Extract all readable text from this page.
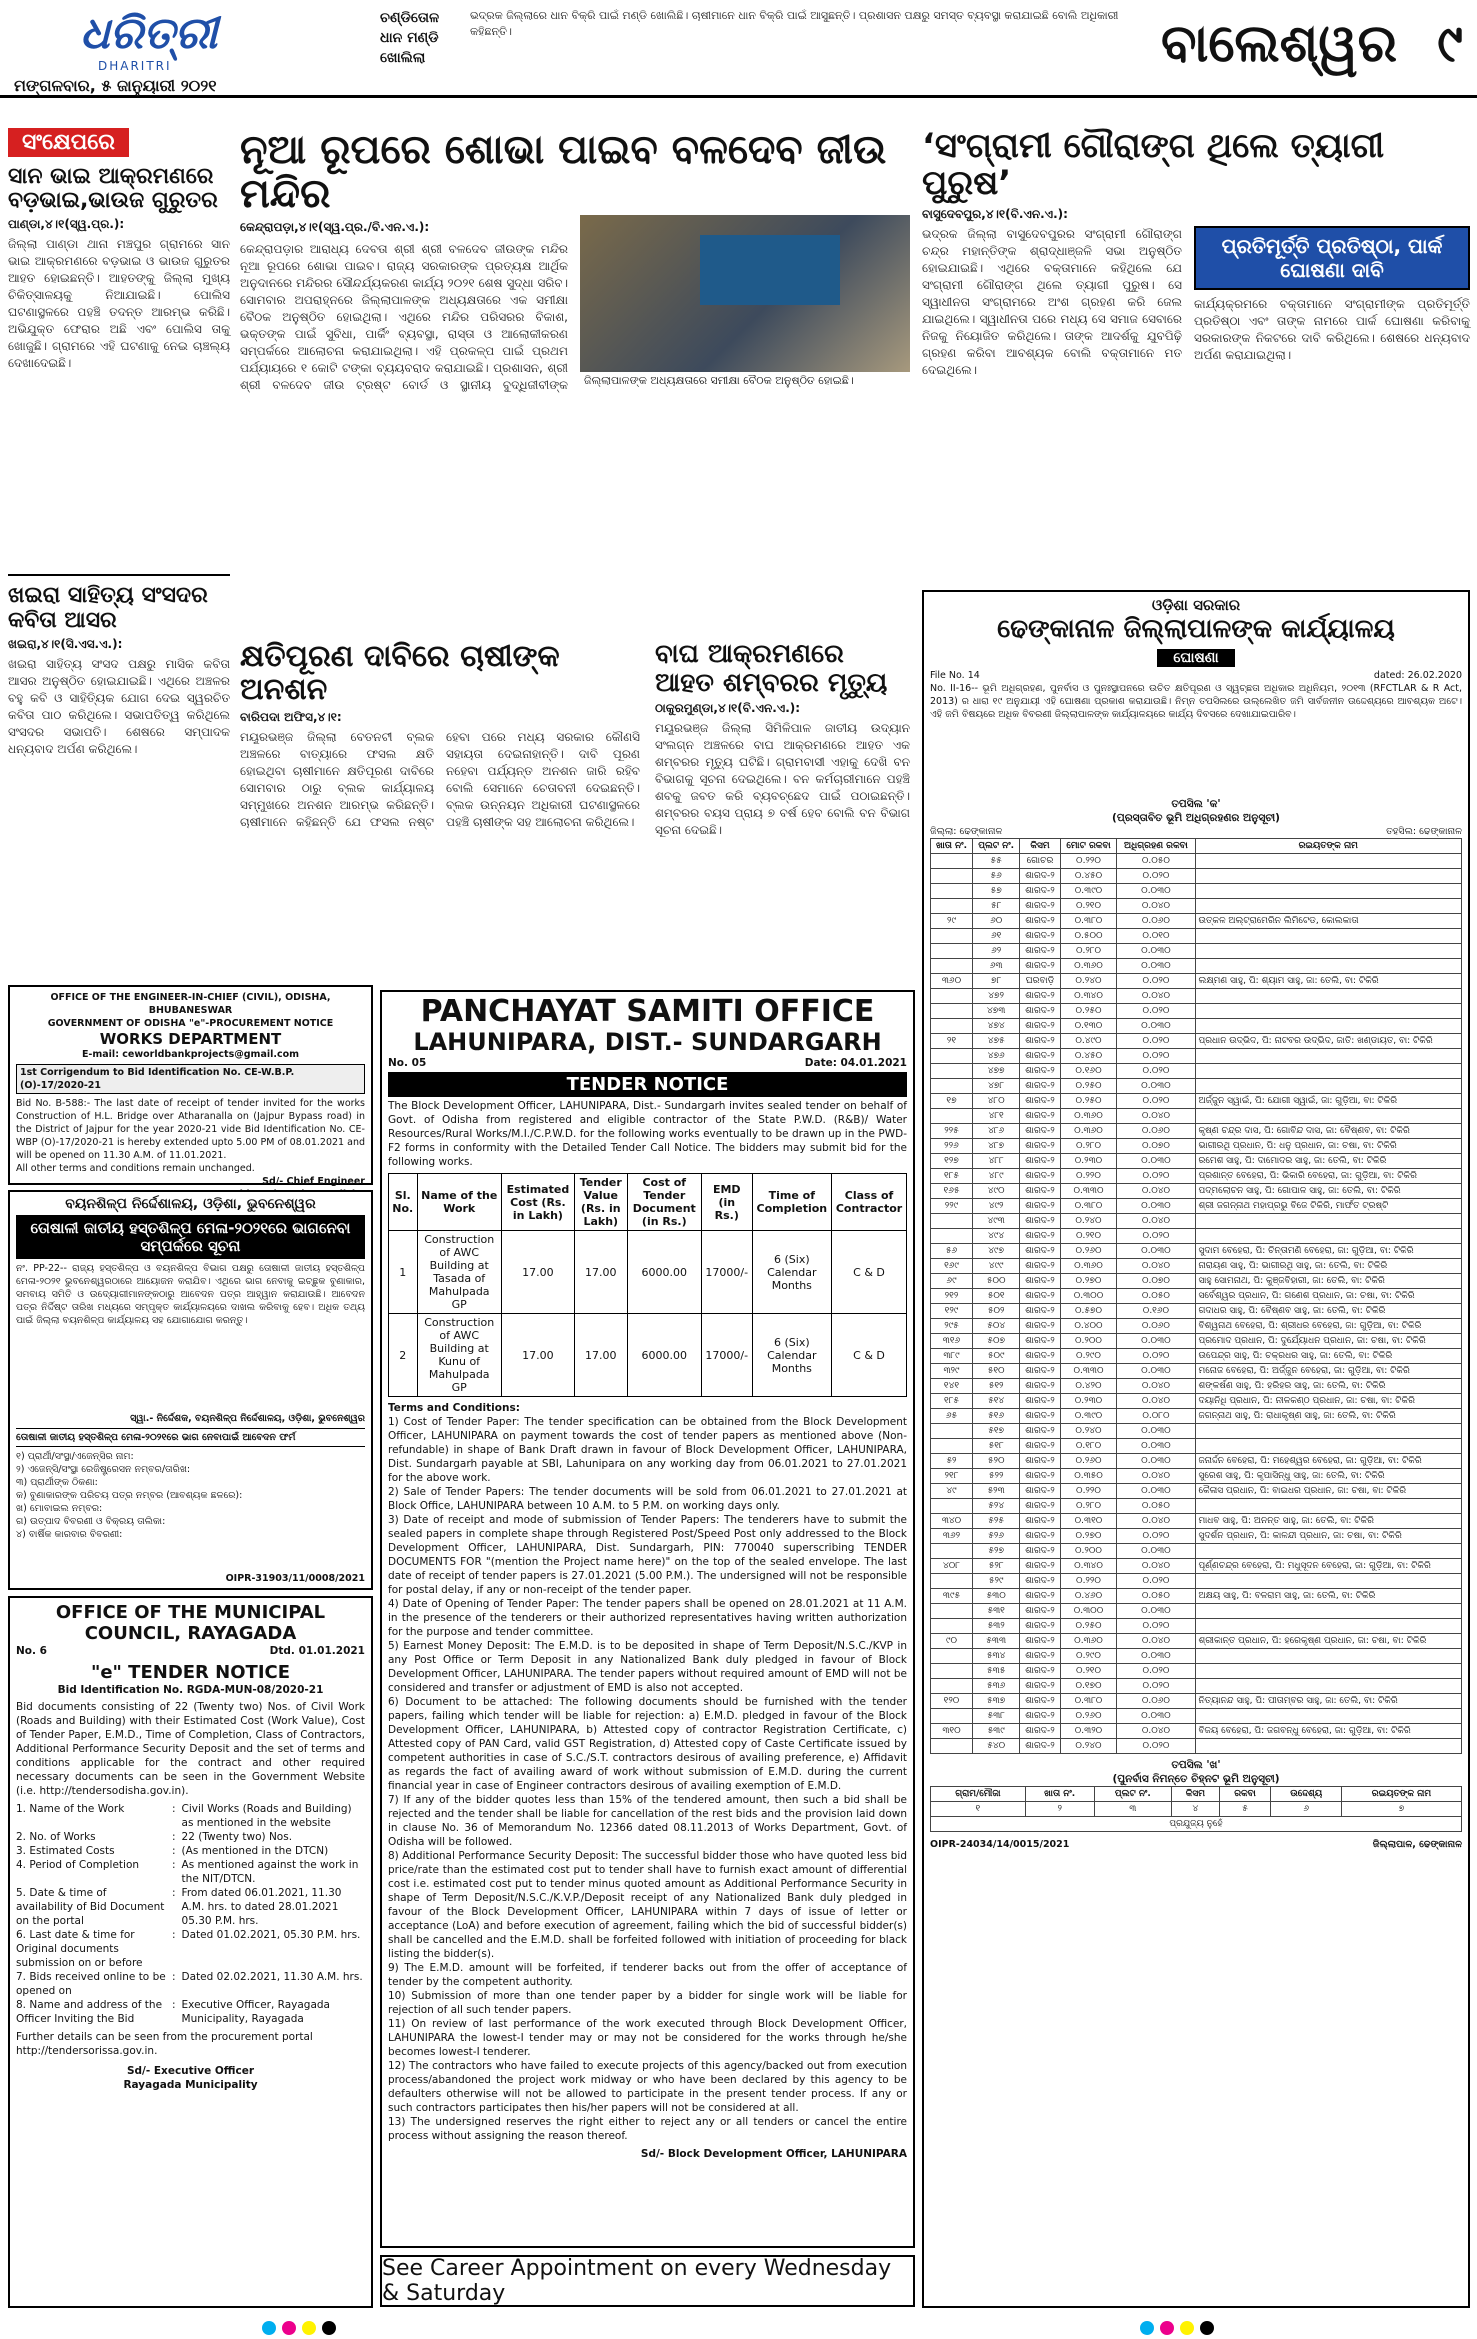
ଧରିତ୍ରୀ
DHARITRI
ମଙ୍ଗଳବାର, ୫ ଜାନୁୟାରୀ ୨୦୨୧
ଚଣ୍ଡିତୋଳ ଧାନ ମଣ୍ଡି ଖୋଲିଲା
ଭଦ୍ରକ ଜିଲ୍ଲାରେ ଧାନ ବିକ୍ରି ପାଇଁ ମଣ୍ଡି ଖୋଲିଛି। ଚାଷୀମାନେ ଧାନ ବିକ୍ରି ପାଇଁ ଆସୁଛନ୍ତି। ପ୍ରଶାସନ ପକ୍ଷରୁ ସମସ୍ତ ବ୍ୟବସ୍ଥା କରାଯାଇଛି ବୋଲି ଅଧିକାରୀ କହିଛନ୍ତି।	ବାଲେଶ୍ୱର ୯
ସଂକ୍ଷେପରେ
ସାନ ଭାଇ ଆକ୍ରମଣରେ ବଡ଼ଭାଇ,ଭାଉଜ ଗୁରୁତର
ପାଣ୍ଡା,୪।୧(ସ୍ୱ.ପ୍ର.):
ଜିଲ୍ଲା ପାଣ୍ଡା ଥାନା ମଞ୍ଚପୁର ଗ୍ରାମରେ ସାନ ଭାଇ ଆକ୍ରମଣରେ ବଡ଼ଭାଇ ଓ ଭାଉଜ ଗୁରୁତର ଆହତ ହୋଇଛନ୍ତି। ଆହତଙ୍କୁ ଜିଲ୍ଲା ମୁଖ୍ୟ ଚିକିତ୍ସାଳୟକୁ ନିଆଯାଇଛି। ପୋଲିସ ଘଟଣାସ୍ଥଳରେ ପହଞ୍ଚି ତଦନ୍ତ ଆରମ୍ଭ କରିଛି। ଅଭିଯୁକ୍ତ ଫେରାର ଅଛି ଏବଂ ପୋଲିସ ତାକୁ ଖୋଜୁଛି। ଗ୍ରାମରେ ଏହି ଘଟଣାକୁ ନେଇ ଚାଞ୍ଚଲ୍ୟ ଦେଖାଦେଇଛି।
ଖଇରା ସାହିତ୍ୟ ସଂସଦର କବିତା ଆସର
ଖଇରା,୪।୧(ସି.ଏସ.ଏ.):
ଖଇରା ସାହିତ୍ୟ ସଂସଦ ପକ୍ଷରୁ ମାସିକ କବିତା ଆସର ଅନୁଷ୍ଠିତ ହୋଇଯାଇଛି। ଏଥିରେ ଅଞ୍ଚଳର ବହୁ କବି ଓ ସାହିତ୍ୟିକ ଯୋଗ ଦେଇ ସ୍ୱରଚିତ କବିତା ପାଠ କରିଥିଲେ। ସଭାପତିତ୍ୱ କରିଥିଲେ ସଂସଦର ସଭାପତି। ଶେଷରେ ସମ୍ପାଦକ ଧନ୍ୟବାଦ ଅର୍ପଣ କରିଥିଲେ।
ନୂଆ ରୂପରେ ଶୋଭା ପାଇବ ବଳଦେବ ଜୀଉ ମନ୍ଦିର
କେନ୍ଦ୍ରାପଡ଼ା,୪।୧(ସ୍ୱ.ପ୍ର./ବି.ଏନ.ଏ.):
କେନ୍ଦ୍ରାପଡ଼ାର ଆରାଧ୍ୟ ଦେବତା ଶ୍ରୀ ଶ୍ରୀ ବଳଦେବ ଜୀଉଙ୍କ ମନ୍ଦିର ନୂଆ ରୂପରେ ଶୋଭା ପାଇବ। ରାଜ୍ୟ ସରକାରଙ୍କ ପ୍ରତ୍ୟକ୍ଷ ଆର୍ଥିକ ଅନୁଦାନରେ ମନ୍ଦିରର ସୌନ୍ଦର୍ଯ୍ୟକରଣ କାର୍ଯ୍ୟ ୨୦୨୧ ଶେଷ ସୁଦ୍ଧା ସରିବ। ସୋମବାର ଅପରାହ୍ନରେ ଜିଲ୍ଲାପାଳଙ୍କ ଅଧ୍ୟକ୍ଷତାରେ ଏକ ସମୀକ୍ଷା ବୈଠକ ଅନୁଷ୍ଠିତ ହୋଇଥିଲା। ଏଥିରେ ମନ୍ଦିର ପରିସରର ବିକାଶ, ଭକ୍ତଙ୍କ ପାଇଁ ସୁବିଧା, ପାର୍କିଂ ବ୍ୟବସ୍ଥା, ରାସ୍ତା ଓ ଆଲୋକୀକରଣ ସମ୍ପର୍କରେ ଆଲୋଚନା କରାଯାଇଥିଲା। ଏହି ପ୍ରକଳ୍ପ ପାଇଁ ପ୍ରଥମ ପର୍ଯ୍ୟାୟରେ ୧ କୋଟି ଟଙ୍କା ବ୍ୟୟବରାଦ କରାଯାଇଛି। ପ୍ରଶାସନ, ଶ୍ରୀ ଶ୍ରୀ ବଳଦେବ ଜୀଉ ଟ୍ରଷ୍ଟ ବୋର୍ଡ ଓ ସ୍ଥାନୀୟ ବୁଦ୍ଧିଜୀବୀଙ୍କ	ଜିଲ୍ଲାପାଳଙ୍କ ଅଧ୍ୟକ୍ଷତାରେ ସମୀକ୍ଷା ବୈଠକ ଅନୁଷ୍ଠିତ ହୋଇଛି।
କ୍ଷତିପୂରଣ ଦାବିରେ ଚାଷୀଙ୍କ ଅନଶନ
ବାରିପଦା ଅଫିସ,୪।୧:
ମୟୂରଭଞ୍ଜ ଜିଲ୍ଲା ବେତନଟୀ ବ୍ଲକ ଅଞ୍ଚଳରେ ବାତ୍ୟାରେ ଫସଲ କ୍ଷତି ହୋଇଥିବା ଚାଷୀମାନେ କ୍ଷତିପୂରଣ ଦାବିରେ ସୋମବାର ଠାରୁ ବ୍ଲକ କାର୍ଯ୍ୟାଳୟ ସମ୍ମୁଖରେ ଅନଶନ ଆରମ୍ଭ କରିଛନ୍ତି। ଚାଷୀମାନେ କହିଛନ୍ତି ଯେ ଫସଲ ନଷ୍ଟ ହେବା ପରେ ମଧ୍ୟ ସରକାର କୌଣସି ସହାୟତା ଦେଇନାହାନ୍ତି। ଦାବି ପୂରଣ ନହେବା ପର୍ଯ୍ୟନ୍ତ ଅନଶନ ଜାରି ରହିବ ବୋଲି ସେମାନେ ଚେତାବନୀ ଦେଇଛନ୍ତି। ବ୍ଲକ ଉନ୍ନୟନ ଅଧିକାରୀ ଘଟଣାସ୍ଥଳରେ ପହଞ୍ଚି ଚାଷୀଙ୍କ ସହ ଆଲୋଚନା କରିଥିଲେ।
ବାଘ ଆକ୍ରମଣରେ ଆହତ ଶମ୍ବରର ମୃତ୍ୟୁ
ଠାକୁରମୁଣ୍ଡା,୪।୧(ବି.ଏନ.ଏ.):
ମୟୂରଭଞ୍ଜ ଜିଲ୍ଲା ସିମିଳିପାଳ ଜାତୀୟ ଉଦ୍ୟାନ ସଂଲଗ୍ନ ଅଞ୍ଚଳରେ ବାଘ ଆକ୍ରମଣରେ ଆହତ ଏକ ଶମ୍ବରର ମୃତ୍ୟୁ ଘଟିଛି। ଗ୍ରାମବାସୀ ଏହାକୁ ଦେଖି ବନ ବିଭାଗକୁ ସୂଚନା ଦେଇଥିଲେ। ବନ କର୍ମଚାରୀମାନେ ପହଞ୍ଚି ଶବକୁ ଜବତ କରି ବ୍ୟବଚ୍ଛେଦ ପାଇଁ ପଠାଇଛନ୍ତି। ଶମ୍ବରର ବୟସ ପ୍ରାୟ ୭ ବର୍ଷ ହେବ ବୋଲି ବନ ବିଭାଗ ସୂଚନା ଦେଇଛି।
‘ସଂଗ୍ରାମୀ ଗୌରାଙ୍ଗ ଥିଲେ ତ୍ୟାଗୀ ପୁରୁଷ’
ବାସୁଦେବପୁର,୪।୧(ବି.ଏନ.ଏ.):
ଭଦ୍ରକ ଜିଲ୍ଲା ବାସୁଦେବପୁରର ସଂଗ୍ରାମୀ ଗୌରାଙ୍ଗ ଚନ୍ଦ୍ର ମହାନ୍ତିଙ୍କ ଶ୍ରାଦ୍ଧାଞ୍ଜଳି ସଭା ଅନୁଷ୍ଠିତ ହୋଇଯାଇଛି। ଏଥିରେ ବକ୍ତାମାନେ କହିଥିଲେ ଯେ ସଂଗ୍ରାମୀ ଗୌରାଙ୍ଗ ଥିଲେ ତ୍ୟାଗୀ ପୁରୁଷ। ସେ ସ୍ୱାଧୀନତା ସଂଗ୍ରାମରେ ଅଂଶ ଗ୍ରହଣ କରି ଜେଲ ଯାଇଥିଲେ। ସ୍ୱାଧୀନତା ପରେ ମଧ୍ୟ ସେ ସମାଜ ସେବାରେ ନିଜକୁ ନିୟୋଜିତ କରିଥିଲେ। ତାଙ୍କ ଆଦର୍ଶକୁ ଯୁବପିଢ଼ି ଗ୍ରହଣ କରିବା ଆବଶ୍ୟକ ବୋଲି ବକ୍ତାମାନେ ମତ ଦେଇଥିଲେ।
ପ୍ରତିମୂର୍ତ୍ତି ପ୍ରତିଷ୍ଠା, ପାର୍କ ଘୋଷଣା ଦାବି
କାର୍ଯ୍ୟକ୍ରମରେ ବକ୍ତାମାନେ ସଂଗ୍ରାମୀଙ୍କ ପ୍ରତିମୂର୍ତ୍ତି ପ୍ରତିଷ୍ଠା ଏବଂ ତାଙ୍କ ନାମରେ ପାର୍କ ଘୋଷଣା କରିବାକୁ ସରକାରଙ୍କ ନିକଟରେ ଦାବି କରିଥିଲେ। ଶେଷରେ ଧନ୍ୟବାଦ ଅର୍ପଣ କରାଯାଇଥିଲା।
OFFICE OF THE ENGINEER-IN-CHIEF (CIVIL), ODISHA, BHUBANESWAR
GOVERNMENT OF ODISHA "e"-PROCUREMENT NOTICE
WORKS DEPARTMENT
E-mail: ceworldbankprojects@gmail.com
1st Corrigendum to Bid Identification No. CE-W.B.P. (O)-17/2020-21
Bid No. B-588:- The last date of receipt of tender invited for the works Construction of H.L. Bridge over Atharanalla on (Jajpur Bypass road) in the District of Jajpur for the year 2020-21 vide Bid Identification No. CE-WBP (O)-17/2020-21 is hereby extended upto 5.00 PM of 08.01.2021 and will be opened on 11.30 A.M. of 11.01.2021.
All other terms and conditions remain unchanged.
Sd/- Chief Engineer
ବୟନଶିଳ୍ପ ନିର୍ଦ୍ଦେଶାଳୟ, ଓଡ଼ିଶା, ଭୁବନେଶ୍ୱର
ତୋଷାଳୀ ଜାତୀୟ ହସ୍ତଶିଳ୍ପ ମେଳା-୨୦୨୧ରେ ଭାଗନେବା ସମ୍ପର୍କରେ ସୂଚନା
ନଂ. PP-22-- ରାଜ୍ୟ ହସ୍ତଶିଳ୍ପ ଓ ବୟନଶିଳ୍ପ ବିଭାଗ ପକ୍ଷରୁ ତୋଷାଳୀ ଜାତୀୟ ହସ୍ତଶିଳ୍ପ ମେଳା-୨୦୨୧ ଭୁବନେଶ୍ୱରଠାରେ ଆୟୋଜନ କରାଯିବ। ଏଥିରେ ଭାଗ ନେବାକୁ ଇଚ୍ଛୁକ ବୁଣାକାର, ସମବାୟ ସମିତି ଓ ଉଦ୍ୟୋଗୀମାନଙ୍କଠାରୁ ଆବେଦନ ପତ୍ର ଆହ୍ୱାନ କରାଯାଉଛି। ଆବେଦନ ପତ୍ର ନିର୍ଦ୍ଦିଷ୍ଟ ତାରିଖ ମଧ୍ୟରେ ସମ୍ପୃକ୍ତ କାର୍ଯ୍ୟାଳୟରେ ଦାଖଲ କରିବାକୁ ହେବ। ଅଧିକ ତଥ୍ୟ ପାଇଁ ଜିଲ୍ଲା ବୟନଶିଳ୍ପ କାର୍ଯ୍ୟାଳୟ ସହ ଯୋଗାଯୋଗ କରନ୍ତୁ।
ସ୍ୱା.- ନିର୍ଦ୍ଦେଶକ, ବୟନଶିଳ୍ପ ନିର୍ଦ୍ଦେଶାଳୟ, ଓଡ଼ିଶା, ଭୁବନେଶ୍ୱର
ତୋଷାଳୀ ଜାତୀୟ ହସ୍ତଶିଳ୍ପ ମେଳା-୨୦୨୧ରେ ଭାଗ ନେବାପାଇଁ ଆବେଦନ ଫର୍ମ
୧) ପ୍ରାର୍ଥୀ/ସଂସ୍ଥା/ଏଜେନ୍ସିର ନାମ:
୨) ଏଜେନ୍ସି/ସଂସ୍ଥା ରେଜିଷ୍ଟ୍ରେସନ ନମ୍ବର/ତାରିଖ:
୩) ପ୍ରାର୍ଥୀଙ୍କ ଠିକଣା:
କ) ବୁଣାକାରଙ୍କ ପରିଚୟ ପତ୍ର ନମ୍ବର (ଆବଶ୍ୟକ ଛଳରେ):
ଖ) ମୋବାଇଲ ନମ୍ବର:
ଗ) ଉତ୍ପାଦ ବିବରଣୀ ଓ ବିକ୍ରୟ ତାଲିକା:
୪) ବାର୍ଷିକ କାରବାର ବିବରଣୀ:
OIPR-31903/11/0008/2021
OFFICE OF THE MUNICIPAL COUNCIL, RAYAGADA
No. 6	Dtd. 01.01.2021
"e" TENDER NOTICE
Bid Identification No. RGDA-MUN-08/2020-21
Bid documents consisting of 22 (Twenty two) Nos. of Civil Work (Roads and Building) with their Estimated Cost (Work Value), Cost of Tender Paper, E.M.D., Time of Completion, Class of Contractors, Additional Performance Security Deposit and the set of terms and conditions applicable for the contract and other required necessary documents can be seen in the Government Website (i.e. http://tendersodisha.gov.in).
1. Name of the Work	: Civil Works (Roads and Building) as mentioned in the website
2. No. of Works	: 22 (Twenty two) Nos.
3. Estimated Costs	: (As mentioned in the DTCN)
4. Period of Completion	: As mentioned against the work in the NIT/DTCN.
5. Date & time of availability of Bid Document on the portal
: From dated 06.01.2021, 11.30 A.M. hrs. to dated 28.01.2021 05.30 P.M. hrs.
6. Last date & time for Original documents submission on or before
: Dated 01.02.2021, 05.30 P.M. hrs.
7. Bids received online to be opened on
: Dated 02.02.2021, 11.30 A.M. hrs.
8. Name and address of the Officer Inviting the Bid
: Executive Officer, Rayagada Municipality, Rayagada
Further details can be seen from the procurement portal http://tendersorissa.gov.in.
Sd/- Executive Officer
Rayagada Municipality
PANCHAYAT SAMITI OFFICE
LAHUNIPARA, DIST.- SUNDARGARH
No. 05	Date: 04.01.2021
TENDER NOTICE
The Block Development Officer, LAHUNIPARA, Dist.- Sundargarh invites sealed tender on behalf of Govt. of Odisha from registered and eligible contractor of the State P.W.D. (R&B)/ Water Resources/Rural Works/M.I./C.P.W.D. for the following works eventually to be drawn up in the PWD-F2 forms in conformity with the Detailed Tender Call Notice. The bidders may submit bid for the following works.
Sl. No.	Name of the Work	Estimated Cost (Rs. in Lakh)	Tender Value (Rs. in Lakh)	Cost of Tender Document (in Rs.)	EMD (in Rs.)	Time of Completion	Class of Contractor
1	Construction of AWC Building at Tasada of Mahulpada GP	17.00	17.00	6000.00	17000/-	6 (Six) Calendar Months	C & D
2	Construction of AWC Building at Kunu of Mahulpada GP	17.00	17.00	6000.00	17000/-	6 (Six) Calendar Months	C & D
Terms and Conditions:
1) Cost of Tender Paper: The tender specification can be obtained from the Block Development Officer, LAHUNIPARA on payment towards the cost of tender papers as mentioned above (Non-refundable) in shape of Bank Draft drawn in favour of Block Development Officer, LAHUNIPARA, Dist. Sundargarh payable at SBI, Lahunipara on any working day from 06.01.2021 to 27.01.2021 for the above work.
2) Sale of Tender Papers: The tender documents will be sold from 06.01.2021 to 27.01.2021 at Block Office, LAHUNIPARA between 10 A.M. to 5 P.M. on working days only.
3) Date of receipt and mode of submission of Tender Papers: The tenderers have to submit the sealed papers in complete shape through Registered Post/Speed Post only addressed to the Block Development Officer, LAHUNIPARA, Dist. Sundargarh, PIN: 770040 superscribing TENDER DOCUMENTS FOR "(mention the Project name here)" on the top of the sealed envelope. The last date of receipt of tender papers is 27.01.2021 (5.00 P.M.). The undersigned will not be responsible for postal delay, if any or non-receipt of the tender paper.
4) Date of Opening of Tender Paper: The tender papers shall be opened on 28.01.2021 at 11 A.M. in the presence of the tenderers or their authorized representatives having written authorization for the purpose and tender committee.
5) Earnest Money Deposit: The E.M.D. is to be deposited in shape of Term Deposit/N.S.C./KVP in any Post Office or Term Deposit in any Nationalized Bank duly pledged in favour of Block Development Officer, LAHUNIPARA. The tender papers without required amount of EMD will not be considered and transfer or adjustment of EMD is also not accepted.
6) Document to be attached: The following documents should be furnished with the tender papers, failing which tender will be liable for rejection: a) E.M.D. pledged in favour of the Block Development Officer, LAHUNIPARA, b) Attested copy of contractor Registration Certificate, c) Attested copy of PAN Card, valid GST Registration, d) Attested copy of Caste Certificate issued by competent authorities in case of S.C./S.T. contractors desirous of availing preference, e) Affidavit as regards the fact of availing award of work without submission of E.M.D. during the current financial year in case of Engineer contractors desirous of availing exemption of E.M.D.
7) If any of the bidder quotes less than 15% of the tendered amount, then such a bid shall be rejected and the tender shall be liable for cancellation of the rest bids and the provision laid down in clause No. 36 of Memorandum No. 12366 dated 08.11.2013 of Works Department, Govt. of Odisha will be followed.
8) Additional Performance Security Deposit: The successful bidder those who have quoted less bid price/rate than the estimated cost put to tender shall have to furnish exact amount of differential cost i.e. estimated cost put to tender minus quoted amount as Additional Performance Security in shape of Term Deposit/N.S.C./K.V.P./Deposit receipt of any Nationalized Bank duly pledged in favour of the Block Development Officer, LAHUNIPARA within 7 days of issue of letter or acceptance (LoA) and before execution of agreement, failing which the bid of successful bidder(s) shall be cancelled and the E.M.D. shall be forfeited followed with initiation of proceeding for black listing the bidder(s).
9) The E.M.D. amount will be forfeited, if tenderer backs out from the offer of acceptance of tender by the competent authority.
10) Submission of more than one tender paper by a bidder for single work will be liable for rejection of all such tender papers.
11) On review of last performance of the work executed through Block Development Officer, LAHUNIPARA the lowest-I tender may or may not be considered for the works through he/she becomes lowest-I tenderer.
12) The contractors who have failed to execute projects of this agency/backed out from execution process/abandoned the project work midway or who have been declared by this agency to be defaulters otherwise will not be allowed to participate in the present tender process. If any or such contractors participates then his/her papers will not be considered at all.
13) The undersigned reserves the right either to reject any or all tenders or cancel the entire process without assigning the reason thereof.
Sd/- Block Development Officer, LAHUNIPARA
See Career Appointment on every Wednesday & Saturday
ଓଡ଼ିଶା ସରକାର
ଢେଙ୍କାନାଳ ଜିଲ୍ଲାପାଳଙ୍କ କାର୍ଯ୍ୟାଳୟ
ଘୋଷଣା
File No. 14	dated: 26.02.2020
No. II-16-- ଭୂମି ଅଧିଗ୍ରହଣ, ପୁନର୍ବାସ ଓ ପୁନଃସ୍ଥାପନରେ ଉଚିତ କ୍ଷତିପୂରଣ ଓ ସ୍ୱଚ୍ଛତା ଅଧିକାର ଅଧିନିୟମ, ୨୦୧୩ (RFCTLAR & R Act, 2013) ର ଧାରା ୧୯ ଅନୁଯାୟୀ ଏହି ଘୋଷଣା ପ୍ରକାଶ କରାଯାଉଛି। ନିମ୍ନ ତପସିଲରେ ଉଲ୍ଲେଖିତ ଜମି ସାର୍ବଜନୀନ ଉଦ୍ଦେଶ୍ୟରେ ଆବଶ୍ୟକ ଅଟେ। ଏହି ଜମି ବିଷୟରେ ଅଧିକ ବିବରଣୀ ଜିଲ୍ଲାପାଳଙ୍କ କାର୍ଯ୍ୟାଳୟରେ କାର୍ଯ୍ୟ ଦିବସରେ ଦେଖାଯାଇପାରିବ।
ତପସିଲ 'କ'
(ପ୍ରସ୍ତାବିତ ଭୂମି ଅଧିଗ୍ରହଣର ଅନୁସୂଚୀ)
ଜିଲ୍ଲା: ଢେଙ୍କାନାଳ	ତହସିଲ: ଢେଙ୍କାନାଳ
ଖାତା ନଂ.	ପ୍ଲଟ ନଂ.	କିସମ	ମୋଟ ରକବା	ଅଧିଗ୍ରହଣ ରକବା	ରଇୟତଙ୍କ ନାମ
	୫୫	ଗୋଚର	୦.୨୨୦	୦.୦୫୦	
	୫୬	ଶାରଦ-୨	୦.୪୫୦	୦.୦୨୦	
	୫୭	ଶାରଦ-୨	୦.୩୯୦	୦.୦୩୦	
	୫୮	ଶାରଦ-୨	୦.୨୧୦	୦.୦୪୦	
୨୯	୬୦	ଶାରଦ-୨	୦.୩୮୦	୦.୦୬୦	ଉତ୍କଳ ଅଲ୍‌ଟ୍ରାମେରିନ ଲିମିଟେଡ, କୋଲକାତା
	୬୧	ଶାରଦ-୨	୦.୫୦୦	୦.୦୧୦	
	୬୨	ଶାରଦ-୨	୦.୨୮୦	୦.୦୩୦	
	୬୩	ଶାରଦ-୨	୦.୩୬୦	୦.୦୩୦	
୩୬୦	୭୮	ଘରବାଡ଼ି	୦.୨୪୦	୦.୦୨୦	ଲକ୍ଷ୍ମଣ ସାହୁ, ପି: ଶ୍ୟାମ ସାହୁ, ଜା: ତେଲି, ବା: ଟିକିରି
	୪୭୨	ଶାରଦ-୨	୦.୩୪୦	୦.୦୪୦	
	୪୭୩	ଶାରଦ-୨	୦.୨୫୦	୦.୦୨୦	
	୪୭୪	ଶାରଦ-୨	୦.୧୩୦	୦.୦୩୦	
୨୧	୪୭୫	ଶାରଦ-୨	୦.୪୯୦	୦.୦୨୦	ପ୍ରଧାନ ଉଦ୍ଭିଦ, ପି: ନାଟବର ଉଦ୍ଭିଦ, ଜାତି: ଖଣ୍ଡାୟତ, ବା: ଟିକିରି
	୪୭୬	ଶାରଦ-୨	୦.୪୫୦	୦.୦୨୦	
	୪୭୭	ଶାରଦ-୨	୦.୧୬୦	୦.୦୨୦	
	୪୭୮	ଶାରଦ-୨	୦.୨୫୦	୦.୦୩୦	
୧୭	୪୮୦	ଶାରଦ-୨	୦.୨୫୦	୦.୦୨୦	ଅର୍ଜ୍ଜୁନ ସ୍ୱାଇଁ, ପି: ଯୋଗୀ ସ୍ୱାଇଁ, ଜା: ଗୁଡ଼ିଆ, ବା: ଟିକିରି
	୪୮୧	ଶାରଦ-୨	୦.୩୬୦	୦.୦୪୦	
୨୨୫	୪୮୬	ଶାରଦ-୨	୦.୩୬୦	୦.୦୬୦	କୃଷ୍ଣ ଚନ୍ଦ୍ର ଦାସ, ପି: ଗୋବିନ୍ଦ ଦାସ, ଜା: ବୈଷ୍ଣବ, ବା: ଟିକିରି
୨୨୬	୪୮୭	ଶାରଦ-୨	୦.୨୮୦	୦.୦୭୦	ଭାଗୀରଥି ପ୍ରଧାନ, ପି: ଧନୁ ପ୍ରଧାନ, ଜା: ଚଷା, ବା: ଟିକିରି
୧୨୭	୪୮୮	ଶାରଦ-୨	୦.୨୩୦	୦.୦୩୦	ରମେଶ ସାହୁ, ପି: ଦାମୋଦର ସାହୁ, ଜା: ତେଲି, ବା: ଟିକିରି
୧୮୫	୪୮୯	ଶାରଦ-୨	୦.୨୨୦	୦.୦୨୦	ପ୍ରଶାନ୍ତ ବେହେରା, ପି: ଭିକାରି ବେହେରା, ଜା: ଗୁଡ଼ିଆ, ବା: ଟିକିରି
୧୬୫	୪୯୦	ଶାରଦ-୨	୦.୩୩୦	୦.୦୪୦	ପଦ୍ମଲୋଚନ ସାହୁ, ପି: ଗୋପାଳ ସାହୁ, ଜା: ତେଲି, ବା: ଟିକିରି
୨୨୯	୪୯୨	ଶାରଦ-୨	୦.୩୮୦	୦.୦୩୦	ଶ୍ରୀ ଜଗନ୍ନାଥ ମହାପ୍ରଭୁ ବିଜେ ଟିକିରି, ମାର୍ଫତ ଟ୍ରଷ୍ଟି
	୪୯୩	ଶାରଦ-୨	୦.୨୪୦	୦.୦୪୦	
	୪୯୪	ଶାରଦ-୨	୦.୨୧୦	୦.୦୨୦	
୫୬	୪୯୭	ଶାରଦ-୨	୦.୨୬୦	୦.୦୩୦	ସୁଦାମ ବେହେରା, ପି: ଚିନ୍ତାମଣି ବେହେରା, ଜା: ଗୁଡ଼ିଆ, ବା: ଟିକିରି
୧୬୯	୪୯୯	ଶାରଦ-୨	୦.୩୬୦	୦.୦୪୦	ନାରାୟଣ ସାହୁ, ପି: ଭାଗୀରଥି ସାହୁ, ଜା: ତେଲି, ବା: ଟିକିରି
୬୯	୫୦୦	ଶାରଦ-୨	୦.୨୭୦	୦.୦୭୦	ସାହୁ ସୋମନାଥ, ପି: କୁଞ୍ଜବିହାରୀ, ଜା: ତେଲି, ବା: ଟିକିରି
୨୧୨	୫୦୧	ଶାରଦ-୨	୦.୩୦୦	୦.୦୫୦	ସର୍ବେଶ୍ୱର ପ୍ରଧାନ, ପି: ଗଣେଶ ପ୍ରଧାନ, ଜା: ଚଷା, ବା: ଟିକିରି
୧୨୯	୫୦୨	ଶାରଦ-୨	୦.୫୭୦	୦.୧୬୦	ଗଦାଧର ସାହୁ, ପି: ବୈଷ୍ଣବ ସାହୁ, ଜା: ତେଲି, ବା: ଟିକିରି
୨୯୫	୫୦୪	ଶାରଦ-୨	୦.୪୦୦	୦.୦୬୦	ବିଶ୍ୱନାଥ ବେହେରା, ପି: ଶ୍ରୀଧର ବେହେରା, ଜା: ଗୁଡ଼ିଆ, ବା: ଟିକିରି
୩୧୬	୫୦୭	ଶାରଦ-୨	୦.୨୦୦	୦.୦୩୦	ପ୍ରମୋଦ ପ୍ରଧାନ, ପି: ଦୁର୍ଯ୍ୟୋଧନ ପ୍ରଧାନ, ଜା: ଚଷା, ବା: ଟିକିରି
୩୮୯	୫୦୯	ଶାରଦ-୨	୦.୨୯୦	୦.୦୨୦	ଉପେନ୍ଦ୍ର ସାହୁ, ପି: ଚକ୍ରଧର ସାହୁ, ଜା: ତେଲି, ବା: ଟିକିରି
୩୨୯	୫୧୦	ଶାରଦ-୨	୦.୩୩୦	୦.୦୩୦	ମନୋଜ ବେହେରା, ପି: ଅର୍ଜ୍ଜୁନ ବେହେରା, ଜା: ଗୁଡ଼ିଆ, ବା: ଟିକିରି
୧୪୧	୫୧୨	ଶାରଦ-୨	୦.୪୨୦	୦.୦୪୦	ଶଙ୍କର୍ଷଣ ସାହୁ, ପି: ହରିହର ସାହୁ, ଜା: ତେଲି, ବା: ଟିକିରି
୧୮୫	୫୧୪	ଶାରଦ-୨	୦.୨୩୦	୦.୦୪୦	ଦୟାନିଧି ପ୍ରଧାନ, ପି: ନୀଳକଣ୍ଠ ପ୍ରଧାନ, ଜା: ଚଷା, ବା: ଟିକିରି
୬୫	୫୧୬	ଶାରଦ-୨	୦.୩୯୦	୦.୦୮୦	ଜଗନ୍ନାଥ ସାହୁ, ପି: ରାଧାକୃଷ୍ଣ ସାହୁ, ଜା: ତେଲି, ବା: ଟିକିରି
	୫୧୭	ଶାରଦ-୨	୦.୨୪୦	୦.୦୩୦	
	୫୧୮	ଶାରଦ-୨	୦.୧୮୦	୦.୦୩୦	
୫୨	୫୨୦	ଶାରଦ-୨	୦.୨୬୦	୦.୦୩୦	ଜନାର୍ଦ୍ଦନ ବେହେରା, ପି: ମହେଶ୍ୱର ବେହେରା, ଜା: ଗୁଡ଼ିଆ, ବା: ଟିକିରି
୨୧୮	୫୨୨	ଶାରଦ-୨	୦.୩୫୦	୦.୦୪୦	ସୁରେଶ ସାହୁ, ପି: କୃପାସିନ୍ଧୁ ସାହୁ, ଜା: ତେଲି, ବା: ଟିକିରି
୪୯	୫୨୩	ଶାରଦ-୨	୦.୨୨୦	୦.୦୩୦	କୈଳାସ ପ୍ରଧାନ, ପି: ବାଇଧର ପ୍ରଧାନ, ଜା: ଚଷା, ବା: ଟିକିରି
	୫୨୪	ଶାରଦ-୨	୦.୨୮୦	୦.୦୫୦	
୩୪୦	୫୨୫	ଶାରଦ-୨	୦.୩୧୦	୦.୦୪୦	ମାଧବ ସାହୁ, ପି: ଅନନ୍ତ ସାହୁ, ଜା: ତେଲି, ବା: ଟିକିରି
୩୬୨	୫୨୬	ଶାରଦ-୨	୦.୨୭୦	୦.୦୨୦	ସୁଦର୍ଶନ ପ୍ରଧାନ, ପି: କାଳନ୍ଦୀ ପ୍ରଧାନ, ଜା: ଚଷା, ବା: ଟିକିରି
	୫୨୭	ଶାରଦ-୨	୦.୨୦୦	୦.୦୩୦	
୪୦୮	୫୨୮	ଶାରଦ-୨	୦.୩୪୦	୦.୦୪୦	ପୂର୍ଣ୍ଣଚନ୍ଦ୍ର ବେହେରା, ପି: ମଧୁସୂଦନ ବେହେରା, ଜା: ଗୁଡ଼ିଆ, ବା: ଟିକିରି
	୫୨୯	ଶାରଦ-୨	୦.୨୨୦	୦.୦୨୦	
୩୯୫	୫୩୦	ଶାରଦ-୨	୦.୪୬୦	୦.୦୫୦	ଅକ୍ଷୟ ସାହୁ, ପି: ବଳରାମ ସାହୁ, ଜା: ତେଲି, ବା: ଟିକିରି
	୫୩୧	ଶାରଦ-୨	୦.୩୦୦	୦.୦୩୦	
	୫୩୨	ଶାରଦ-୨	୦.୨୫୦	୦.୦୨୦	
୯୦	୫୩୩	ଶାରଦ-୨	୦.୩୬୦	୦.୦୪୦	ଶ୍ରୀକାନ୍ତ ପ୍ରଧାନ, ପି: ହରେକୃଷ୍ଣ ପ୍ରଧାନ, ଜା: ଚଷା, ବା: ଟିକିରି
	୫୩୪	ଶାରଦ-୨	୦.୨୯୦	୦.୦୩୦	
	୫୩୫	ଶାରଦ-୨	୦.୨୧୦	୦.୦୨୦	
	୫୩୬	ଶାରଦ-୨	୦.୧୭୦	୦.୦୨୦	
୧୨୦	୫୩୭	ଶାରଦ-୨	୦.୩୮୦	୦.୦୬୦	ନିତ୍ୟାନନ୍ଦ ସାହୁ, ପି: ପୀତାମ୍ବର ସାହୁ, ଜା: ତେଲି, ବା: ଟିକିରି
	୫୩୮	ଶାରଦ-୨	୦.୨୬୦	୦.୦୩୦	
୩୧୦	୫୩୯	ଶାରଦ-୨	୦.୩୨୦	୦.୦୪୦	ବିଜୟ ବେହେରା, ପି: ଜଗବନ୍ଧୁ ବେହେରା, ଜା: ଗୁଡ଼ିଆ, ବା: ଟିକିରି
	୫୪୦	ଶାରଦ-୨	୦.୨୪୦	୦.୦୨୦	
ତପସିଲ 'ଖ'
(ପୁନର୍ବାସ ନିମନ୍ତେ ଚିହ୍ନଟ ଭୂମି ଅନୁସୂଚୀ)
ଗ୍ରାମ/ମୌଜା	ଖାତା ନଂ.	ପ୍ଲଟ ନଂ.	କିସମ	ରକବା	ଉଦ୍ଦେଶ୍ୟ	ରଇୟତଙ୍କ ନାମ
୧	୨	୩	୪	୫	୬	୭
ପ୍ରଯୁଜ୍ୟ ନୁହେଁ						
OIPR-24034/14/0015/2021	ଜିଲ୍ଲାପାଳ, ଢେଙ୍କାନାଳ
